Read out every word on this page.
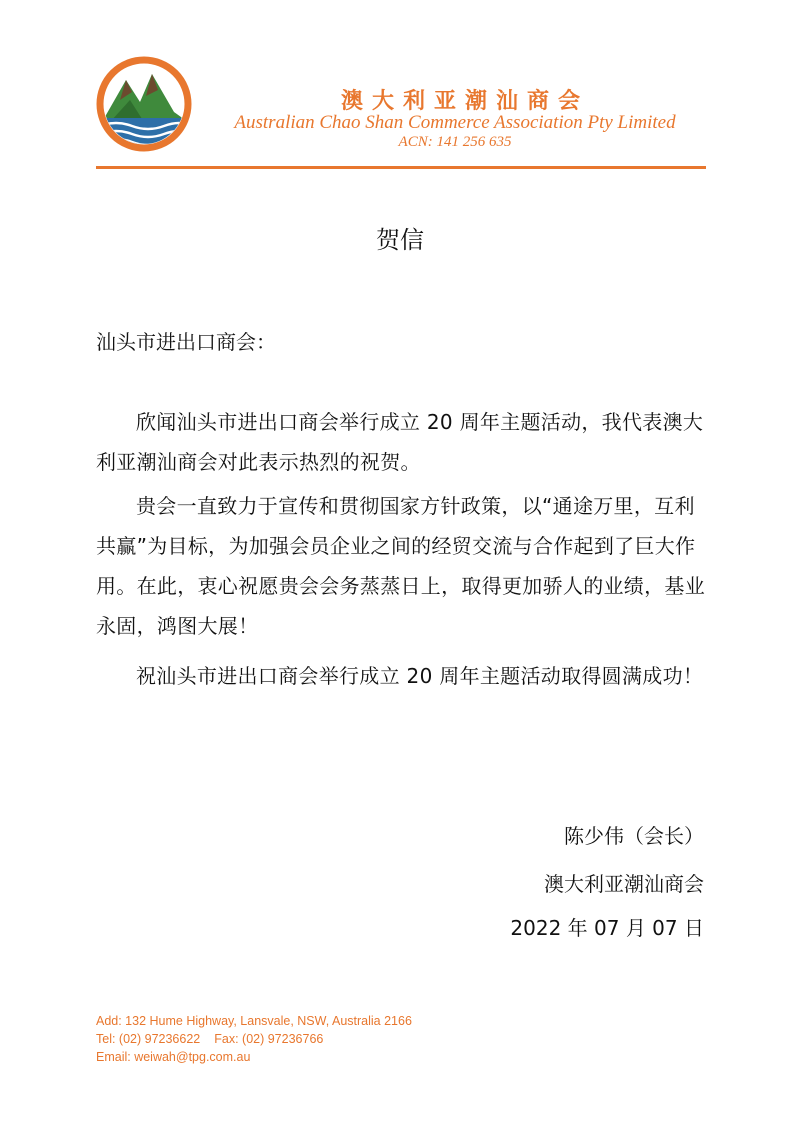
澳大利亚潮汕商会
Australian Chao Shan Commerce Association Pty Limited
ACN: 141 256 635
贺信
汕头市进出口商会：

欣闻汕头市进出口商会举行成立 20 周年主题活动，我代表澳大利亚潮汕商会对此表示热烈的祝贺。

贵会一直致力于宣传和贯彻国家方针政策，以“通途万里，互利共赢”为目标，为加强会员企业之间的经贸交流与合作起到了巨大作用。在此，衷心祝愿贵会会务蒸蒸日上，取得更加骄人的业绩，基业永固，鸿图大展！

祝汕头市进出口商会举行成立 20 周年主题活动取得圆满成功！

陈少伟（会长）
澳大利亚潮汕商会
2022 年 07 月 07 日
Add: 132 Hume Highway, Lansvale, NSW, Australia 2166
Tel: (02) 97236622 Fax: (02) 97236766
Email: weiwah@tpg.com.au
